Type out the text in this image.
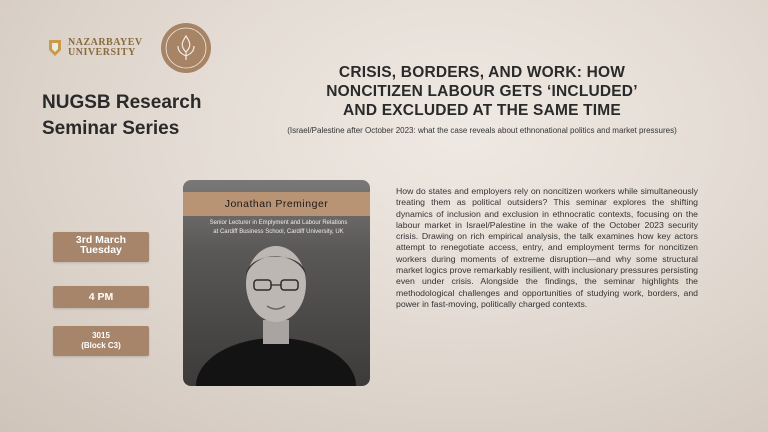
NAZARBAYEV
UNIVERSITY
NUGSB Research
Seminar Series
CRISIS, BORDERS, AND WORK: HOW
NONCITIZEN LABOUR GETS ‘INCLUDED’
AND EXCLUDED AT THE SAME TIME
(Israel/Palestine after October 2023: what the case reveals about ethnonational politics and market pressures)
Jonathan Preminger
Senior Lecturer in Emplyment and Labour Relations
at Cardiff Business School, Cardiff University, UK
3rd March
Tuesday
4 PM
3015
(Block C3)
How do states and employers rely on noncitizen workers while simultaneously treating them as political outsiders? This seminar explores the shifting dynamics of inclusion and exclusion in ethnocratic contexts, focusing on the labour market in Israel/Palestine in the wake of the October 2023 security crisis. Drawing on rich empirical analysis, the talk examines how key actors attempt to renegotiate access, entry, and employment terms for noncitizen workers during moments of extreme disruption—and why some structural market logics prove remarkably resilient, with inclusionary pressures persisting even under crisis. Alongside the findings, the seminar highlights the methodological challenges and opportunities of studying work, borders, and power in fast-moving, politically charged contexts.
